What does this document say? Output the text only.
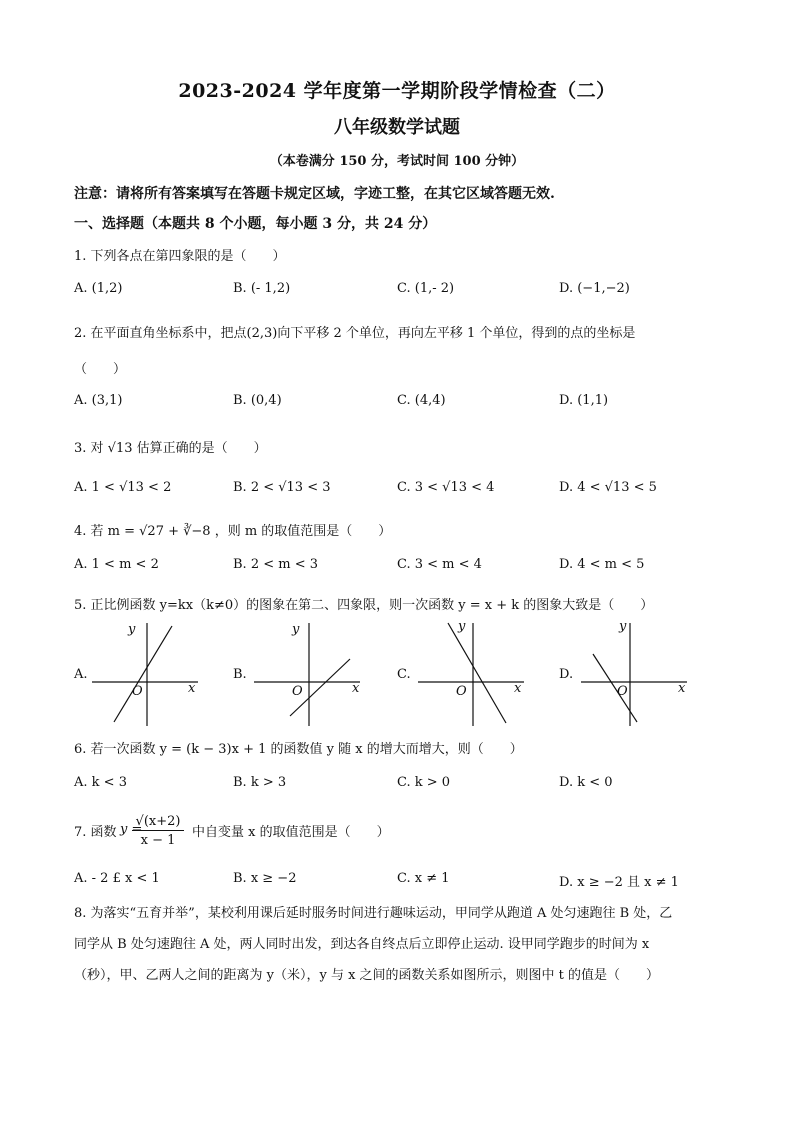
2023-2024 学年度第一学期阶段学情检查（二）
八年级数学试题
（本卷满分 150 分，考试时间 100 分钟）
注意：请将所有答案填写在答题卡规定区域，字迹工整，在其它区域答题无效.
一、选择题（本题共 8 个小题，每小题 3 分，共 24 分）
1. 下列各点在第四象限的是（　　）
A. (1,2)	B. (- 1,2)	C. (1,- 2)	D. (−1,−2)
2. 在平面直角坐标系中，把点(2,3)向下平移 2 个单位，再向左平移 1 个单位，得到的点的坐标是
（　　）
A. (3,1)	B. (0,4)	C. (4,4)	D. (1,1)
3. 对 √13 估算正确的是（　　）
A. 1 < √13 < 2	B. 2 < √13 < 3	C. 3 < √13 < 4	D. 4 < √13 < 5
4. 若 m = √27 + ∛−8 ，则 m 的取值范围是（　　）
A. 1 < m < 2	B. 2 < m < 3	C. 3 < m < 4	D. 4 < m < 5
5. 正比例函数 y=kx（k≠0）的图象在第二、四象限，则一次函数 y = x + k 的图象大致是（　　）
A.	B.	C.	D.
y
x
O
y
x
O
y
x
O
y
x
O
6. 若一次函数 y = (k − 3)x + 1 的函数值 y 随 x 的增大而增大，则（　　）
A. k < 3	B. k > 3	C. k > 0	D. k < 0
7. 函数 y =
√(x+2)
x − 1
中自变量 x 的取值范围是（　　）
A. - 2 £ x < 1	B. x ≥ −2	C. x ≠ 1	D. x ≥ −2 且 x ≠ 1
8. 为落实“五育并举”，某校利用课后延时服务时间进行趣味运动，甲同学从跑道 A 处匀速跑往 B 处，乙
同学从 B 处匀速跑往 A 处，两人同时出发，到达各自终点后立即停止运动. 设甲同学跑步的时间为 x
（秒），甲、乙两人之间的距离为 y（米），y 与 x 之间的函数关系如图所示，则图中 t 的值是（　　）
